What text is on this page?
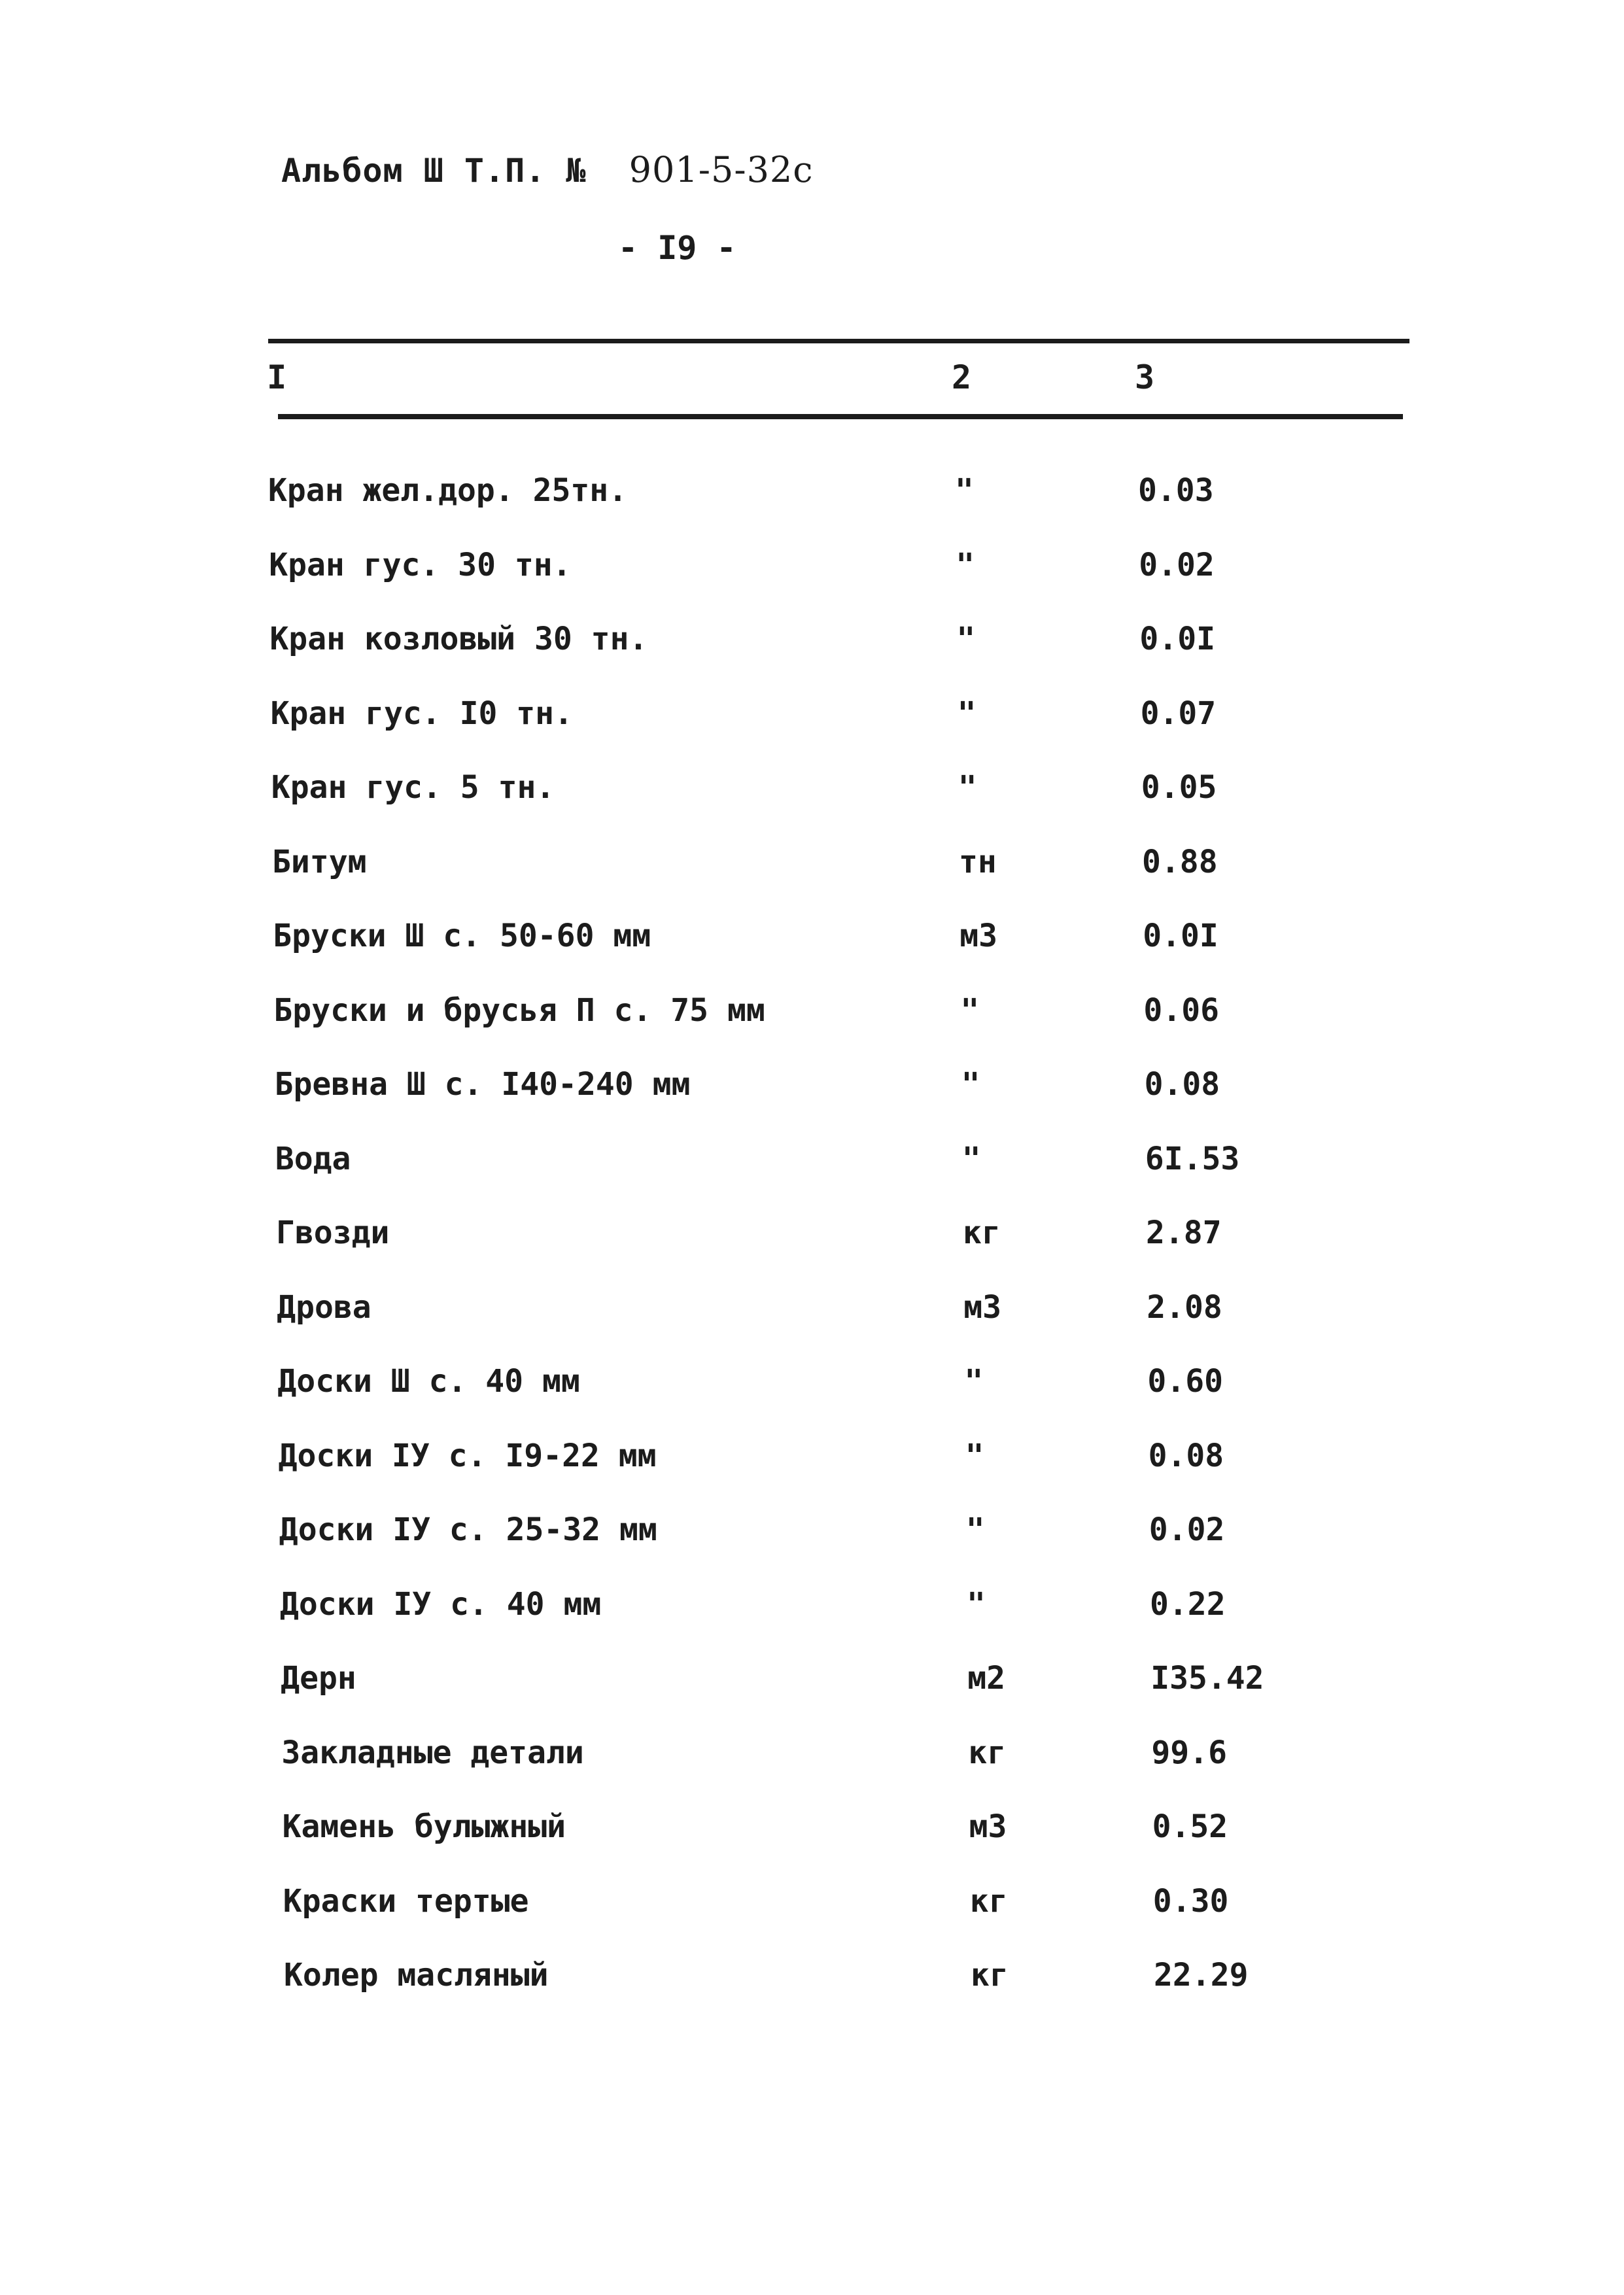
Альбом Ш Т.П. № 901-5-32с
- I9 -
I	2	3
Кран жел.дор. 25тн.	"	0.03
Кран гус. 30 тн.	"	0.02
Кран козловый 30 тн.	"	0.0I
Кран гус. I0 тн.	"	0.07
Кран гус. 5 тн.	"	0.05
Битум	тн	0.88
Бруски Ш с. 50-60 мм	м3	0.0I
Бруски и брусья П с. 75 мм	"	0.06
Бревна Ш с. I40-240 мм	"	0.08
Вода	"	6I.53
Гвозди	кг	2.87
Дрова	м3	2.08
Доски Ш с. 40 мм	"	0.60
Доски IУ с. I9-22 мм	"	0.08
Доски IУ с. 25-32 мм	"	0.02
Доски IУ с. 40 мм	"	0.22
Дерн	м2	I35.42
Закладные детали	кг	99.6
Камень булыжный	м3	0.52
Краски тертые	кг	0.30
Колер масляный	кг	22.29
